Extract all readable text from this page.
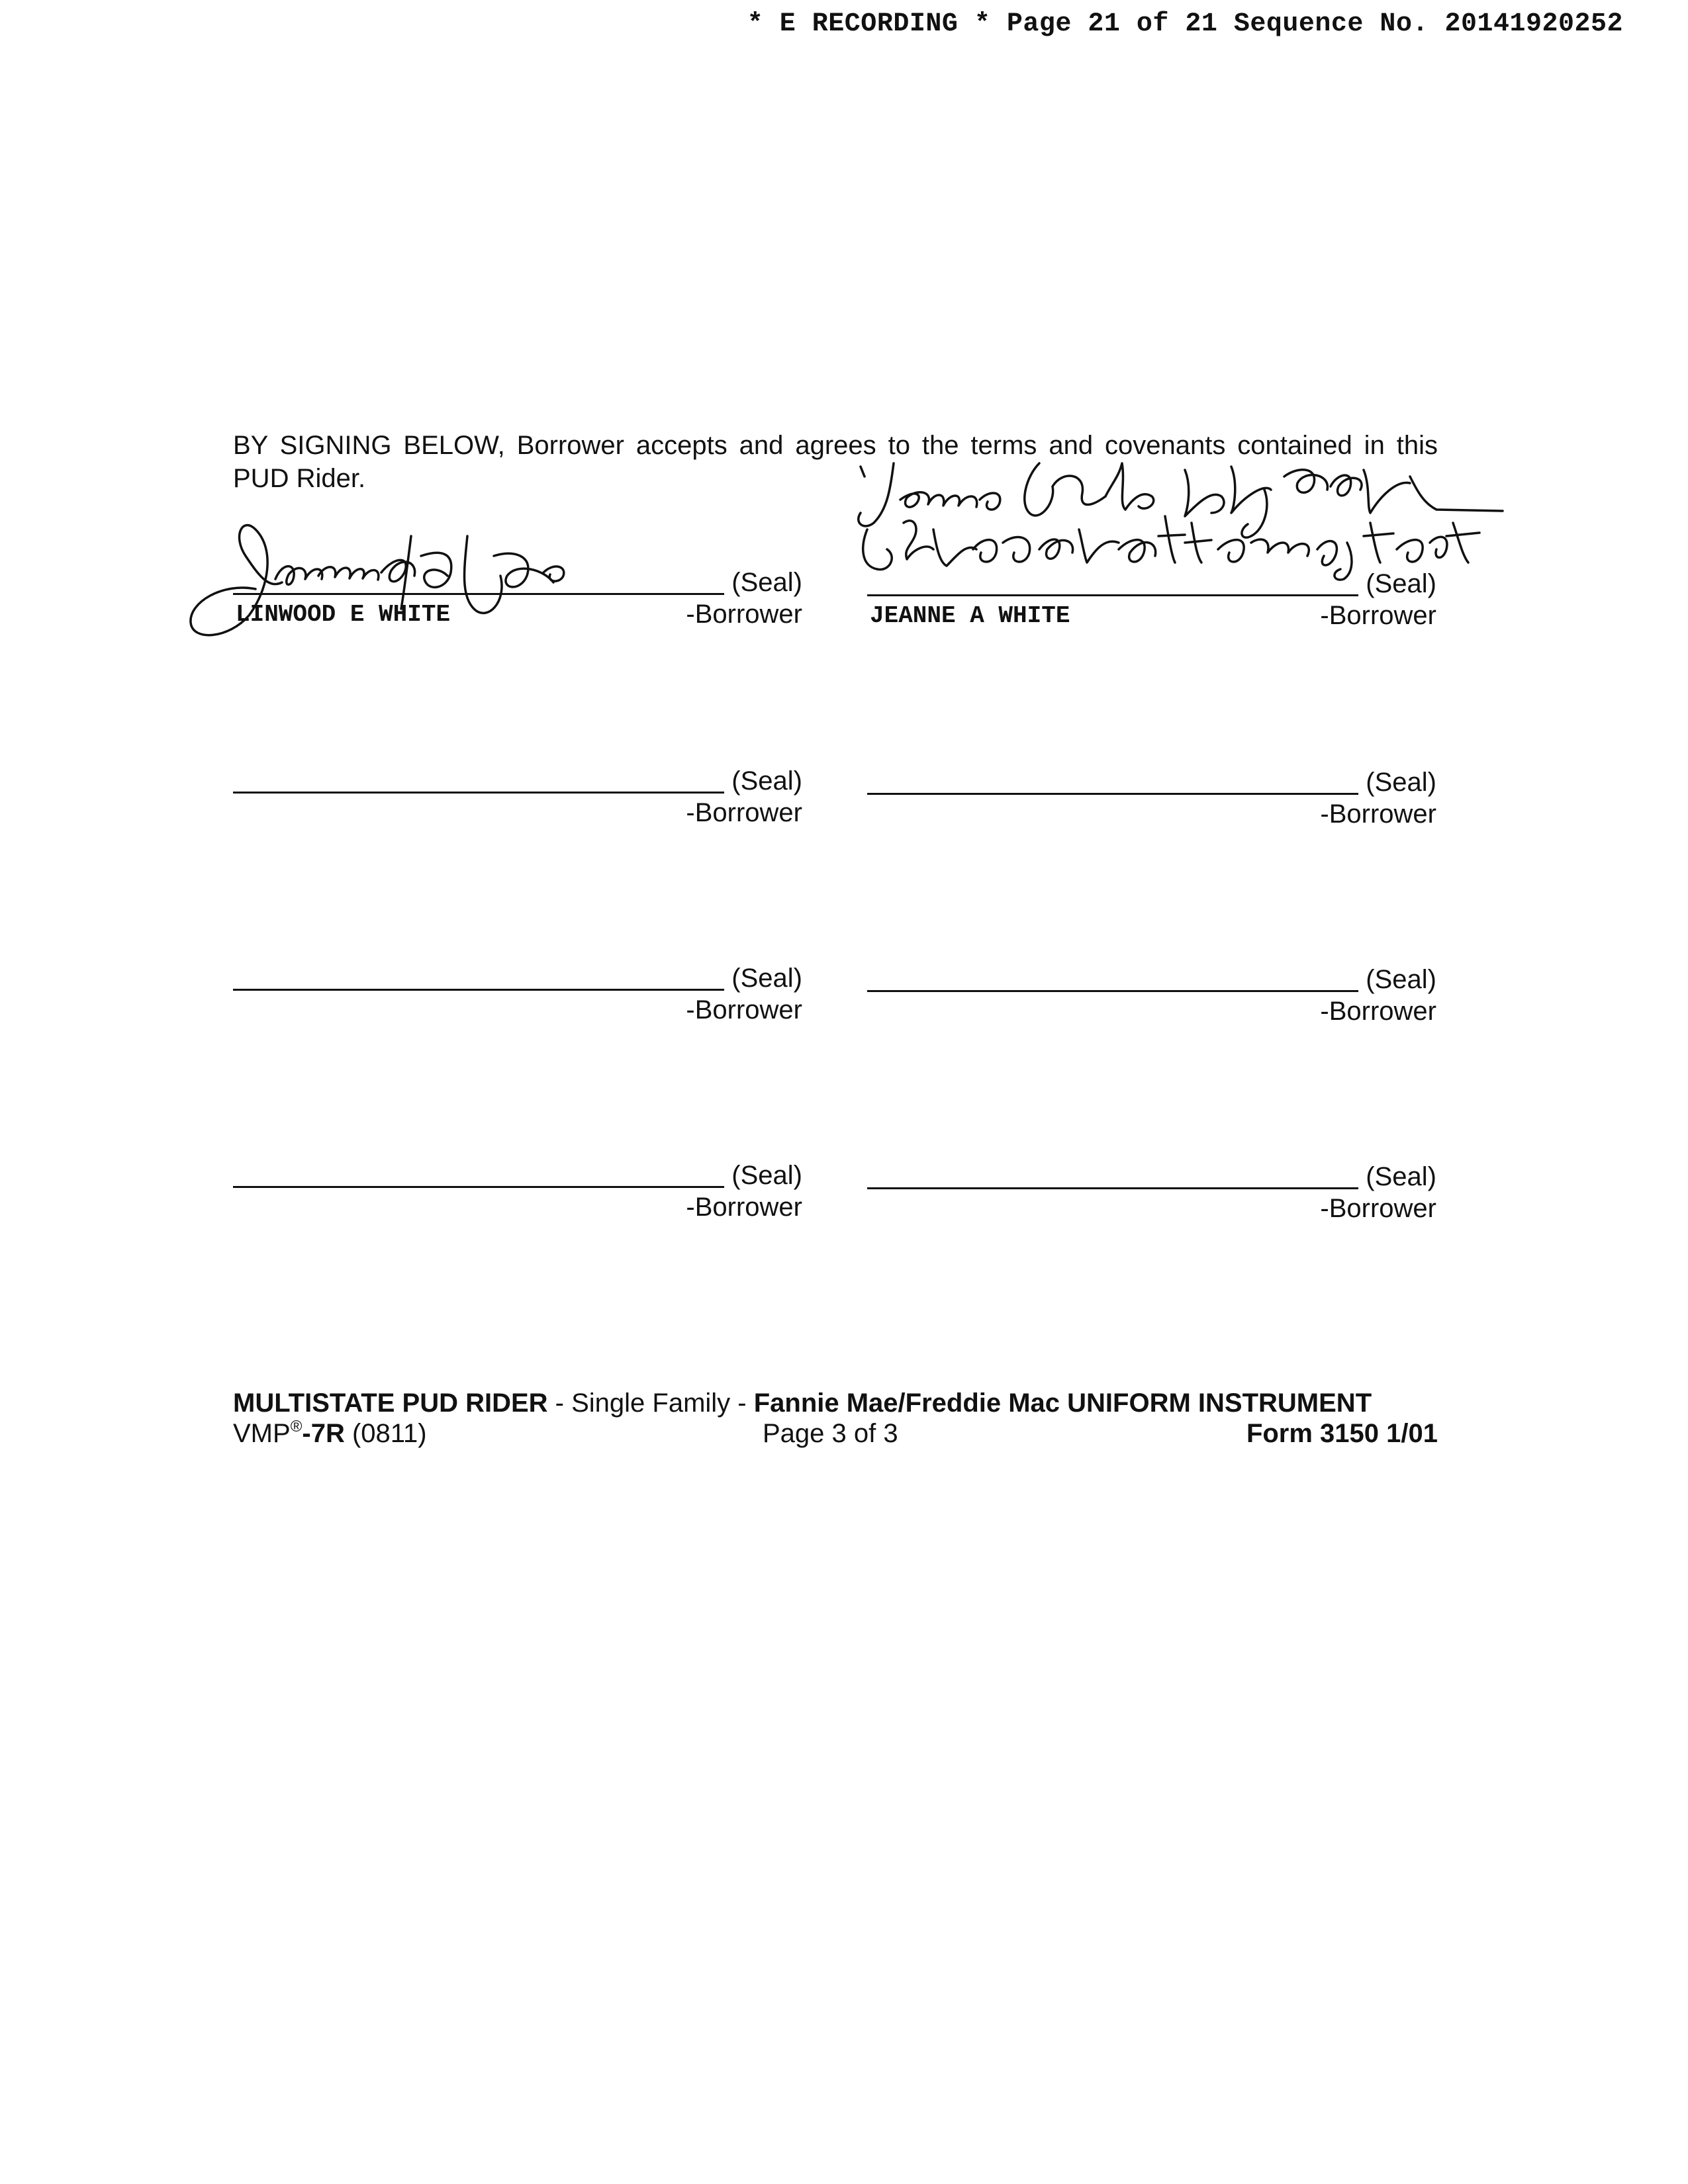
* E RECORDING * Page 21 of 21 Sequence No. 20141920252
BY SIGNING BELOW, Borrower accepts and agrees to the terms and covenants contained in this PUD Rider.
(Seal)
-Borrower
LINWOOD E WHITE
(Seal)
-Borrower
JEANNE A WHITE
(Seal)
-Borrower
(Seal)
-Borrower
(Seal)
-Borrower
(Seal)
-Borrower
(Seal)
-Borrower
(Seal)
-Borrower
MULTISTATE PUD RIDER - Single Family - Fannie Mae/Freddie Mac UNIFORM INSTRUMENT
VMP®-7R (0811)	Page 3 of 3	Form 3150 1/01
